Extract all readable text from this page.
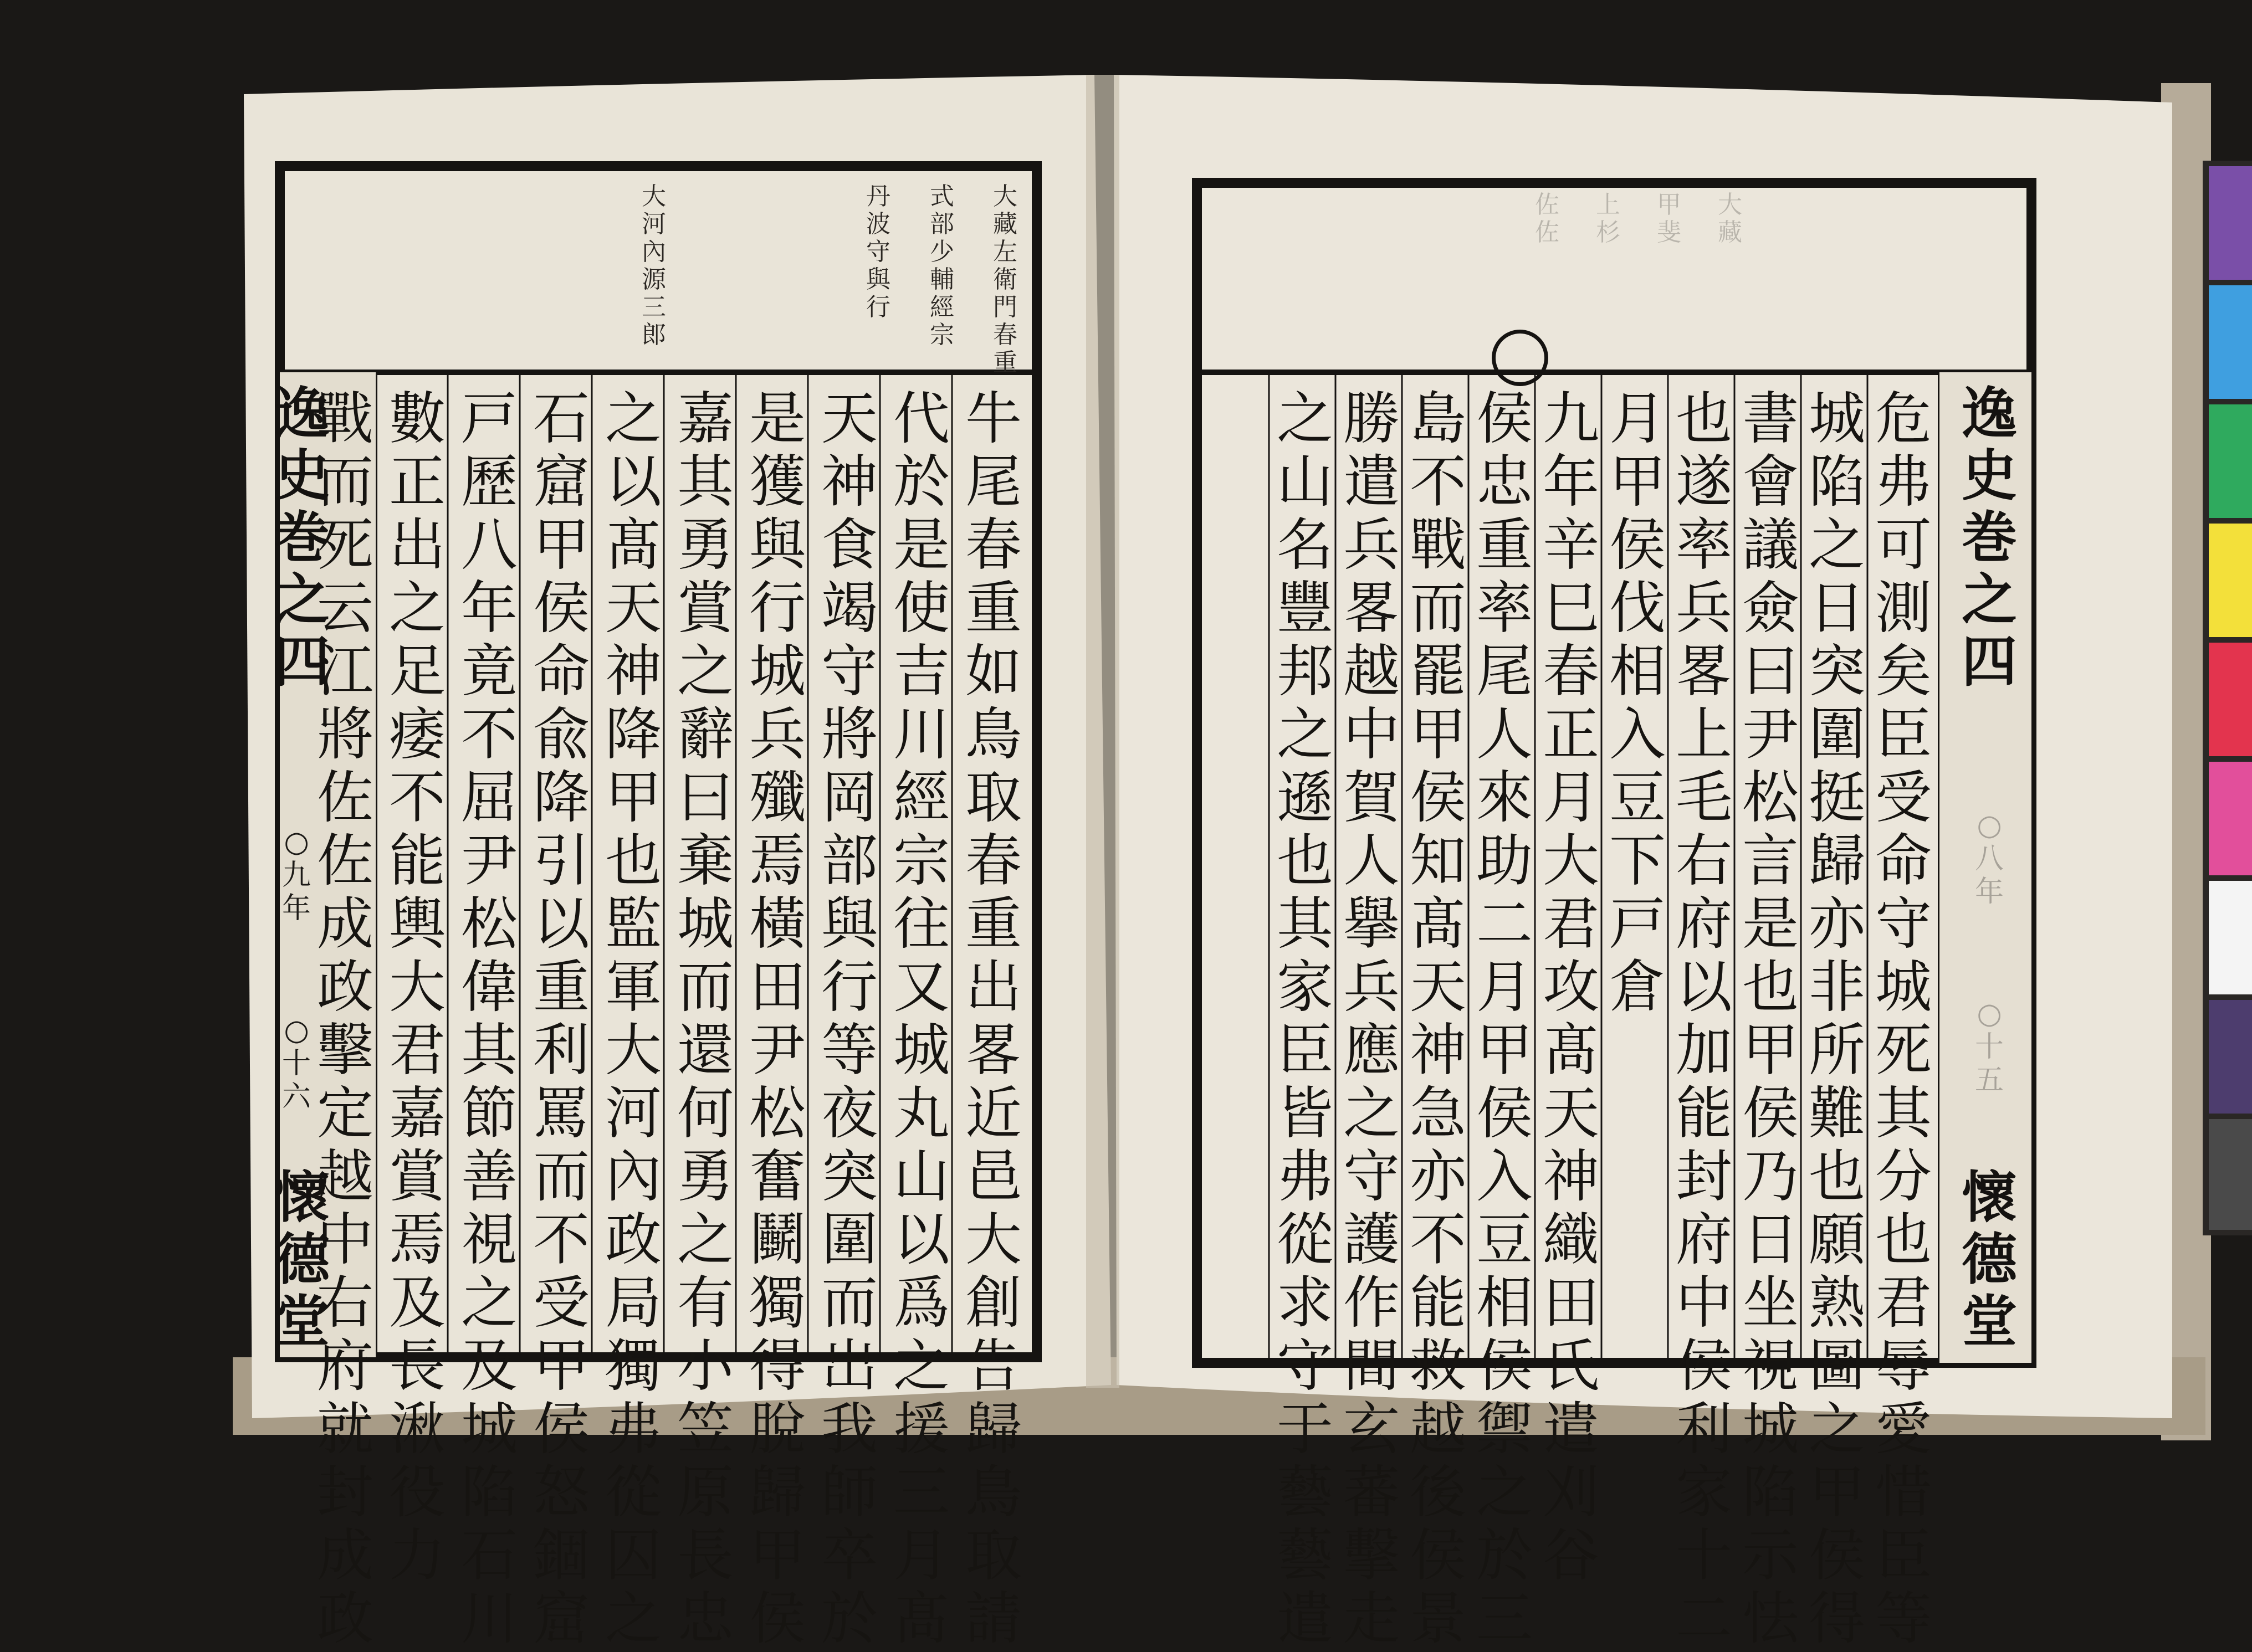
大
藏
左
衛
門
春
重
式
部
少
輔
經
宗
丹
波
守
與
行
大
河
內
源
三
郎
牛
尾
春
重
如
鳥
取
春
重
出
畧
近
邑
大
創
告
歸
鳥
取
請
代
於
是
使
吉
川
經
宗
往
又
城
丸
山
以
爲
之
援
三
月
髙
天
神
食
竭
守
將
岡
部
與
行
等
夜
突
圍
而
出
我
師
卒
於
是
獲
與
行
城
兵
殲
焉
橫
田
尹
松
奮
鬭
獨
得
脫
歸
甲
侯
嘉
其
勇
賞
之
辭
曰
棄
城
而
還
何
勇
之
有
小
笠
原
長
忠
之
以
髙
天
神
降
甲
也
監
軍
大
河
內
政
局
獨
弗
從
囚
之
石
窟
甲
侯
命
兪
降
引
以
重
利
罵
而
不
受
甲
侯
怒
錮
窟
戸
歷
八
年
竟
不
屈
尹
松
偉
其
節
善
視
之
及
城
陷
石
川
數
正
出
之
足
痿
不
能
輿
大
君
嘉
賞
焉
及
長
湫
役
力
戰
而
死
云
江
將
佐
佐
成
政
擊
定
越
中
右
府
就
封
成
政
逸
史
巻
之
四
○
九
年
○
十
六
懷
德
堂
大
藏
甲
斐
上
杉
佐
佐
逸
史
巻
之
四
○
八
年
○
十
五
懷
德
堂
危
弗
可
測
矣
臣
受
命
守
城
死
其
分
也
君
辱
愛
惜
臣
等
城
陷
之
日
突
圍
挺
歸
亦
非
所
難
也
願
熟
圖
之
甲
侯
得
書
會
議
僉
曰
尹
松
言
是
也
甲
侯
乃
日
坐
視
城
陷
示
怯
也
遂
率
兵
畧
上
毛
右
府
以
加
能
封
府
中
侯
利
家
十
二
月
甲
侯
伐
相
入
豆
下
戸
倉
九
年
辛
巳
春
正
月
大
君
攻
髙
天
神
織
田
氏
遣
刈
谷
侯
忠
重
率
尾
人
來
助
二
月
甲
侯
入
豆
相
侯
禦
之
於
三
島
不
戰
而
罷
甲
侯
知
髙
天
神
急
亦
不
能
救
越
後
侯
景
勝
遣
兵
畧
越
中
賀
人
擧
兵
應
之
守
護
作
間
玄
蕃
擊
走
之
山
名
豐
邦
之
遜
也
其
家
臣
皆
弗
從
求
守
于
藝
藝
遣
